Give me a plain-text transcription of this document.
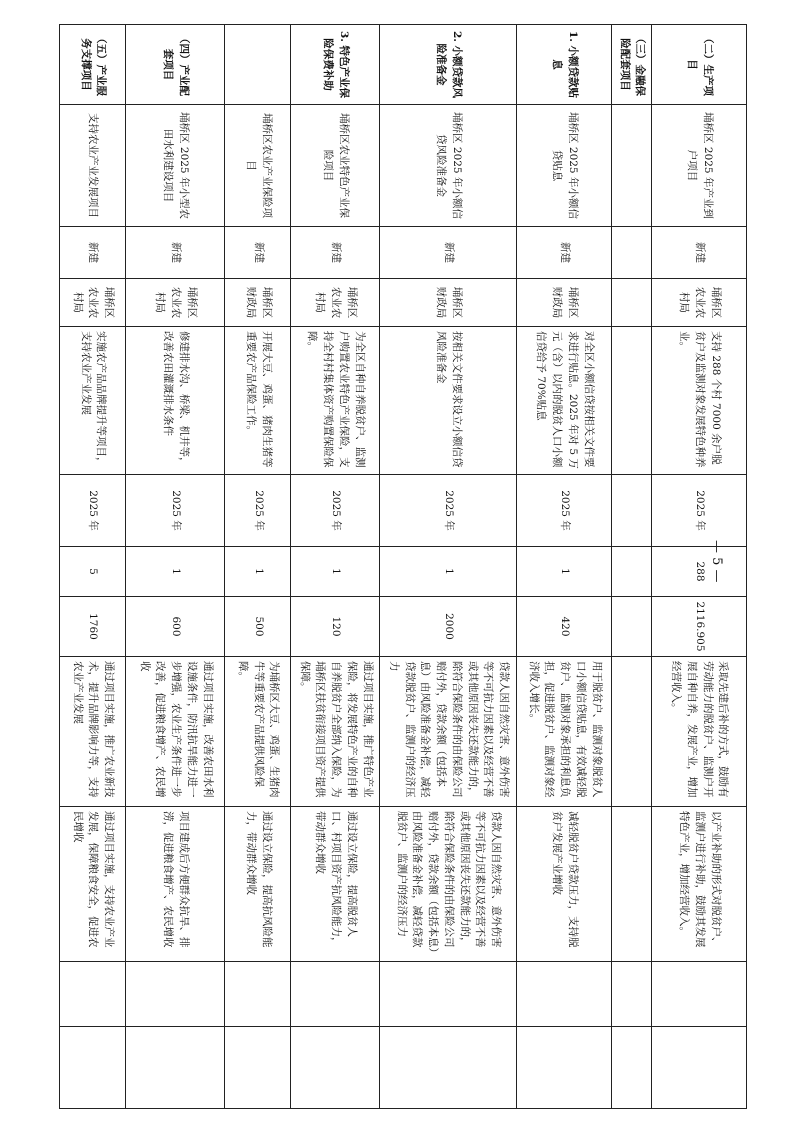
— 5 —
（二）生产项目	埇桥区 2025 年产业到户项目	新建	埇桥区农业农村局	支持 288 个村 7000 余户脱贫户及监测对象发展特色种养业。	2025 年	288	2116.905	采取先建后补的方式，鼓励有劳动能力的脱贫户、监测户开展自种自养，发展产业，增加经营收入。	以产业补助的形式对脱贫户、监测户进行补助，鼓励其发展特色产业，增加经营收入。		
（三）金融保险配套项目											
1. 小额贷款贴息	埇桥区 2025 年小额信贷贴息	新建	埇桥区财政局	对全区小额信贷按相关文件要求进行贴息。2025 年对 5 万元（含）以内的脱贫人口小额信贷给予 70%贴息	2025 年	1	420	用于脱贫户、监测对象脱贫人口小额信贷贴息，有效减轻脱贫户、监测对象承担的利息负担，促进脱贫户、监测对象经济收入增长。	减轻脱贫户贷款压力，支持脱贫户发展产业增收		
2. 小额贷款风险准备金	埇桥区 2025 年小额信贷风险准备金	新建	埇桥区财政局	按相关文件要求设立小额信贷风险准备金	2025 年	1	2000	贷款人因自然灾害、意外伤害等不可抗力因素以及经营不善或其他原因丧失还款能力的，除符合保险条件的由保险公司赔付外，贷款余额（包括本息）由风险准备金补偿，减轻贷款脱贫户、监测户的经济压力	贷款人因自然灾害、意外伤害等不可抗力因素以及经营不善或其他原因丧失还款能力的，除符合保险条件的由保险公司赔付外，贷款余额（包括本息）由风险准备金补偿，减轻贷款脱贫户、监测户的经济压力		
3. 特色产业保险保费补助	埇桥区农业特色产业保险项目	新建	埇桥区农业农村局	为全区自种自养脱贫户、监测户购置农业特色产业保险，支持全村村集体资产购置保险保障。	2025 年	1	120	通过项目实施，推广特色产业保险，将发展特色产业的自种自养脱贫户全部纳入保险，为埇桥区扶贫衔接项目资产提供保障。	通过设立保险，提高脱贫人口、村项目资产抗风险能力，带动群众增收		
	埇桥区农业产业保险项目	新建	埇桥区财政局	开展大豆、鸡蛋、猪肉生猪等重要农产品保险工作。	2025 年	1	500	为埇桥区大豆、鸡蛋、生猪肉牛等重要农产品提供风险保障。	通过设立保险，提高抗风险能力，带动群众增收		
（四）产业配套项目	埇桥区 2025 年小型农田水利建设项目	新建	埇桥区农业农村局	修建排水沟、桥梁、机井等，改善农田灌溉排水条件	2025 年	1	600	通过项目实施，改善农田水利设施条件，防汛抗旱能力进一步增强，农业生产条件进一步改善，促进粮食增产、农民增收	项目建成后方便群众抗旱、排涝，促进粮食增产、农民增收		
（五）产业服务支撑项目	支持农业产业发展项目	新建	埇桥区农业农村局	实施农产品品牌提升等项目，支持农业产业发展	2025 年	5	1760	通过项目实施，推广农业新技术，提升品牌影响力等，支持农业产业发展	通过项目实施，支持农业产业发展，保障粮食安全，促进农民增收		
